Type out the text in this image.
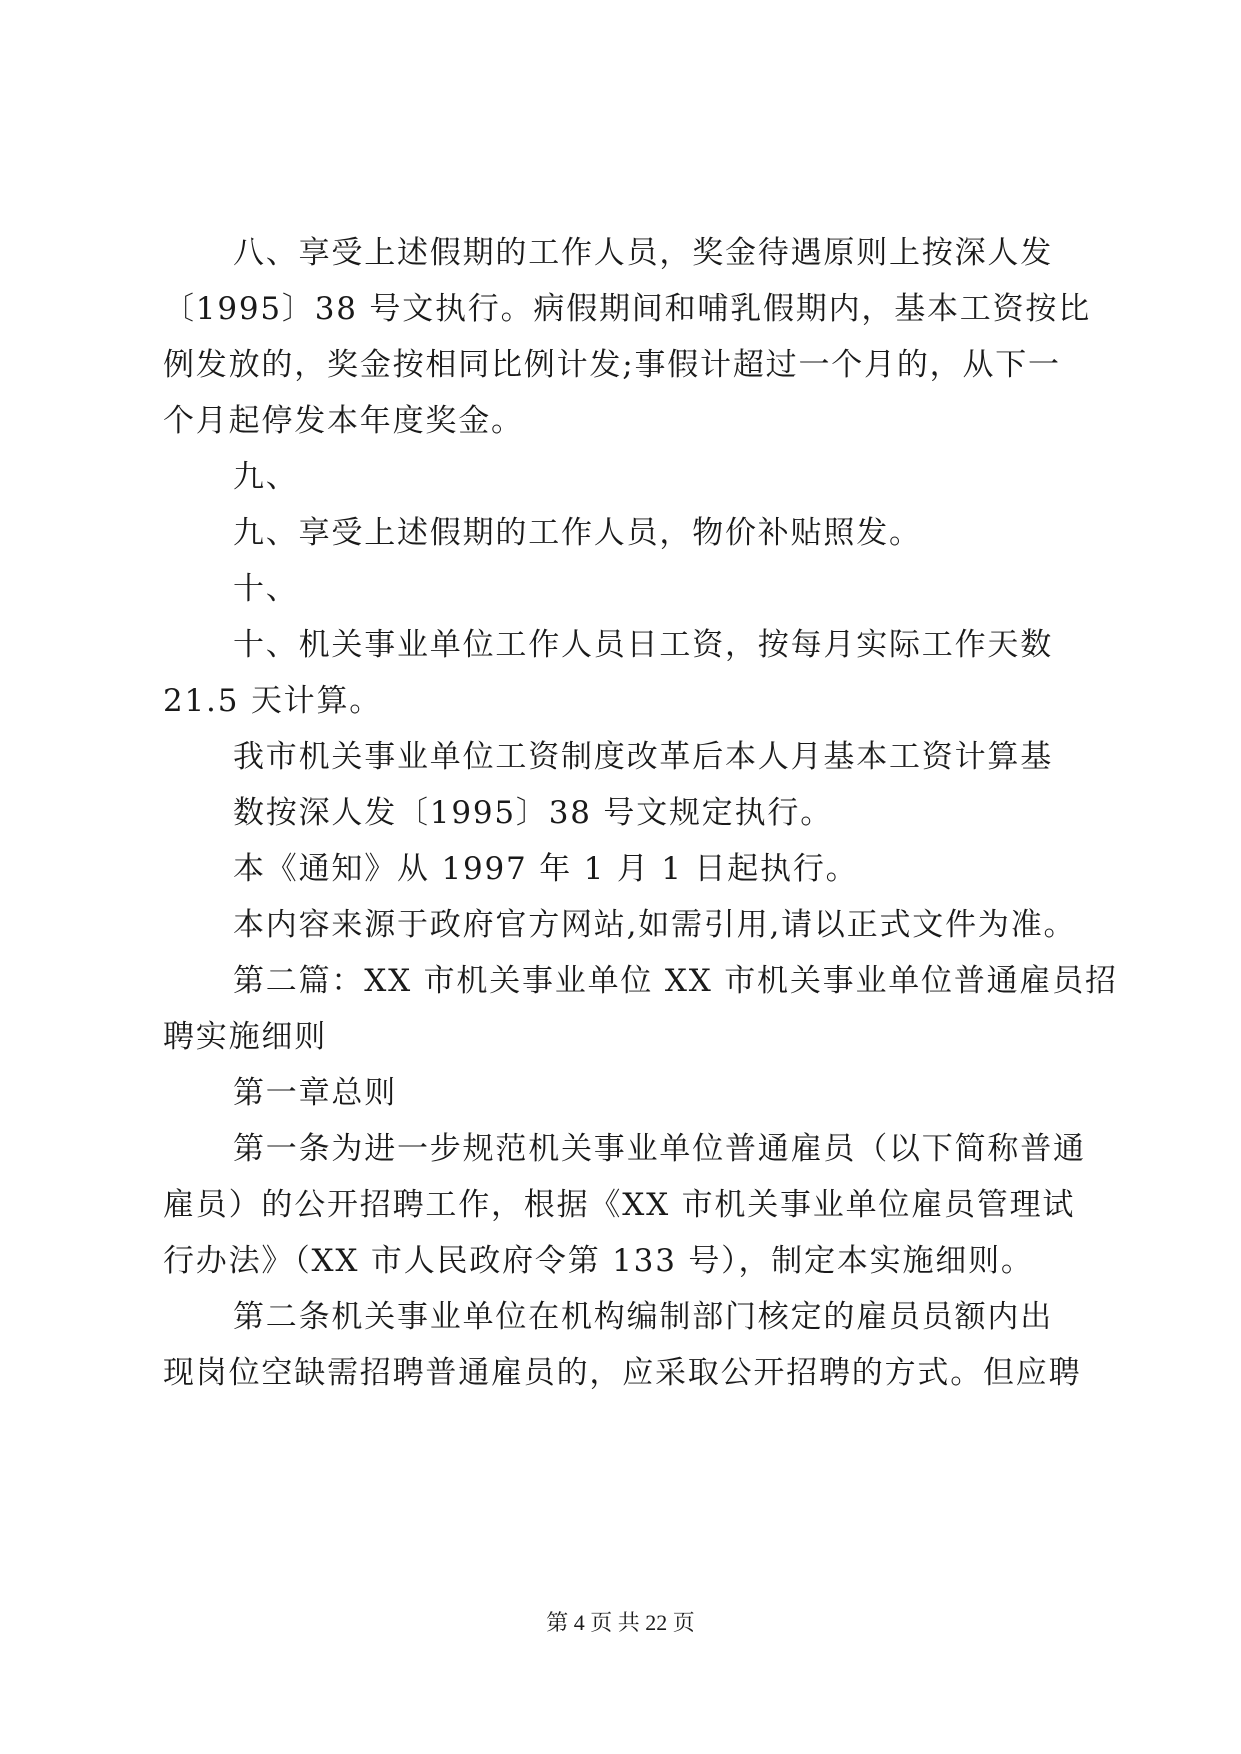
八、享受上述假期的工作人员，奖金待遇原则上按深人发
〔1995〕38 号文执行。病假期间和哺乳假期内，基本工资按比
例发放的，奖金按相同比例计发;事假计超过一个月的，从下一
个月起停发本年度奖金。
九、
九、享受上述假期的工作人员，物价补贴照发。
十、
十、机关事业单位工作人员日工资，按每月实际工作天数
21.5 天计算。
我市机关事业单位工资制度改革后本人月基本工资计算基
数按深人发〔1995〕38 号文规定执行。
本《通知》从 1997 年 1 月 1 日起执行。
本内容来源于政府官方网站,如需引用,请以正式文件为准。
第二篇：XX 市机关事业单位 XX 市机关事业单位普通雇员招
聘实施细则
第一章总则
第一条为进一步规范机关事业单位普通雇员（以下简称普通
雇员）的公开招聘工作，根据《XX 市机关事业单位雇员管理试
行办法》（XX 市人民政府令第 133 号），制定本实施细则。
第二条机关事业单位在机构编制部门核定的雇员员额内出
现岗位空缺需招聘普通雇员的，应采取公开招聘的方式。但应聘
第 4 页 共 22 页
